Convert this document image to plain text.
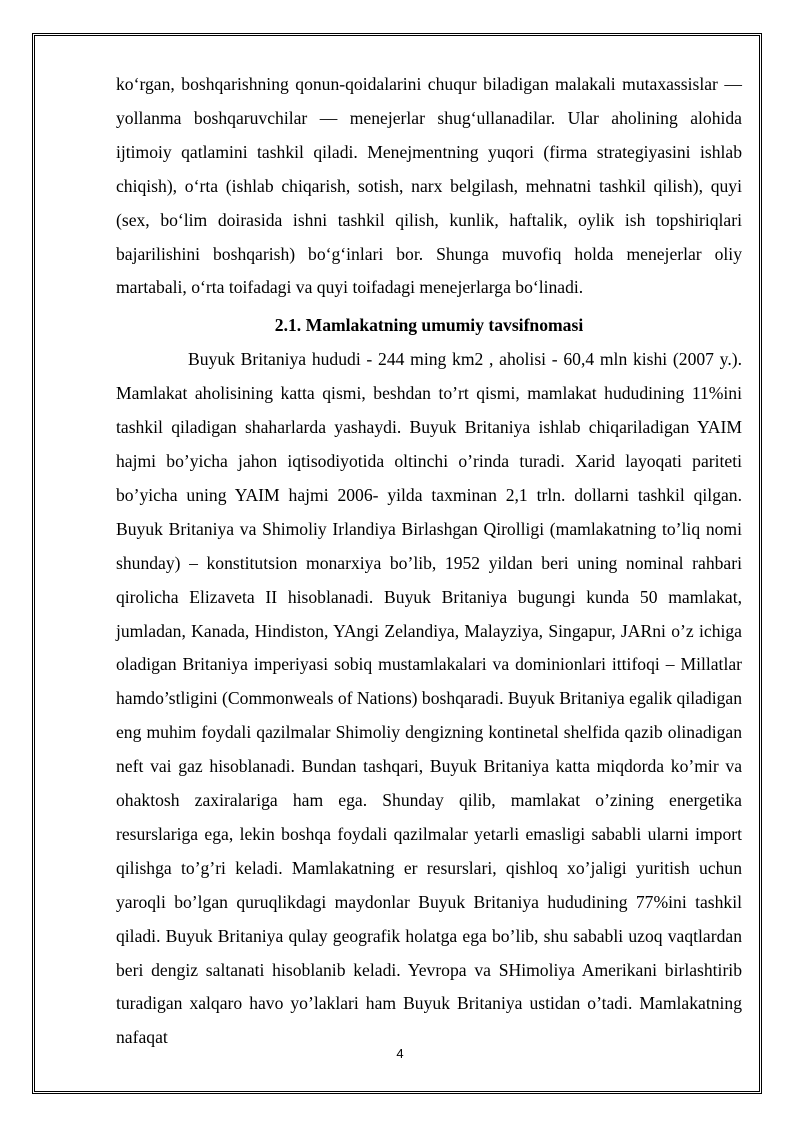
ko‘rgan, boshqarishning qonun-qoidalarini chuqur biladigan malakali mutaxassislar — yollanma boshqaruvchilar — menejerlar shug‘ullanadilar. Ular aholining alohida ijtimoiy qatlamini tashkil qiladi. Menejmentning yuqori (firma strategiyasini ishlab chiqish), o‘rta (ishlab chiqarish, sotish, narx belgilash, mehnatni tashkil qilish), quyi (sex, bo‘lim doirasida ishni tashkil qilish, kunlik, haftalik, oylik ish topshiriqlari bajarilishini boshqarish) bo‘g‘inlari bor. Shunga muvofiq holda menejerlar oliy martabali, o‘rta toifadagi va quyi toifadagi menejerlarga bo‘linadi.

2.1. Mamlakatning umumiy tavsifnomasi

Buyuk Britaniya hududi - 244 ming km2 , aholisi - 60,4 mln kishi (2007 y.). Mamlakat aholisining katta qismi, beshdan to’rt qismi, mamlakat hududining 11%ini tashkil qiladigan shaharlarda yashaydi. Buyuk Britaniya ishlab chiqariladigan YAIM hajmi bo’yicha jahon iqtisodiyotida oltinchi o’rinda turadi. Xarid layoqati pariteti bo’yicha uning YAIM hajmi 2006- yilda taxminan 2,1 trln. dollarni tashkil qilgan. Buyuk Britaniya va Shimoliy Irlandiya Birlashgan Qirolligi (mamlakatning to’liq nomi shunday) – konstitutsion monarxiya bo’lib, 1952 yildan beri uning nominal rahbari qirolicha Elizaveta II hisoblanadi. Buyuk Britaniya bugungi kunda 50 mamlakat, jumladan, Kanada, Hindiston, YAngi Zelandiya, Malayziya, Singapur, JARni o’z ichiga oladigan Britaniya imperiyasi sobiq mustamlakalari va dominionlari ittifoqi – Millatlar hamdo’stligini (Commonweals of Nations) boshqaradi. Buyuk Britaniya egalik qiladigan eng muhim foydali qazilmalar Shimoliy dengizning kontinetal shelfida qazib olinadigan neft vai gaz hisoblanadi. Bundan tashqari, Buyuk Britaniya katta miqdorda ko’mir va ohaktosh zaxiralariga ham ega. Shunday qilib, mamlakat o’zining energetika resurslariga ega, lekin boshqa foydali qazilmalar yetarli emasligi sababli ularni import qilishga to’g’ri keladi. Mamlakatning er resurslari, qishloq xo’jaligi yuritish uchun yaroqli bo’lgan quruqlikdagi maydonlar Buyuk Britaniya hududining 77%ini tashkil qiladi. Buyuk Britaniya qulay geografik holatga ega bo’lib, shu sababli uzoq vaqtlardan beri dengiz saltanati hisoblanib keladi. Yevropa va SHimoliya Amerikani birlashtirib turadigan xalqaro havo yo’laklari ham Buyuk Britaniya ustidan o’tadi. Mamlakatning nafaqat

4
